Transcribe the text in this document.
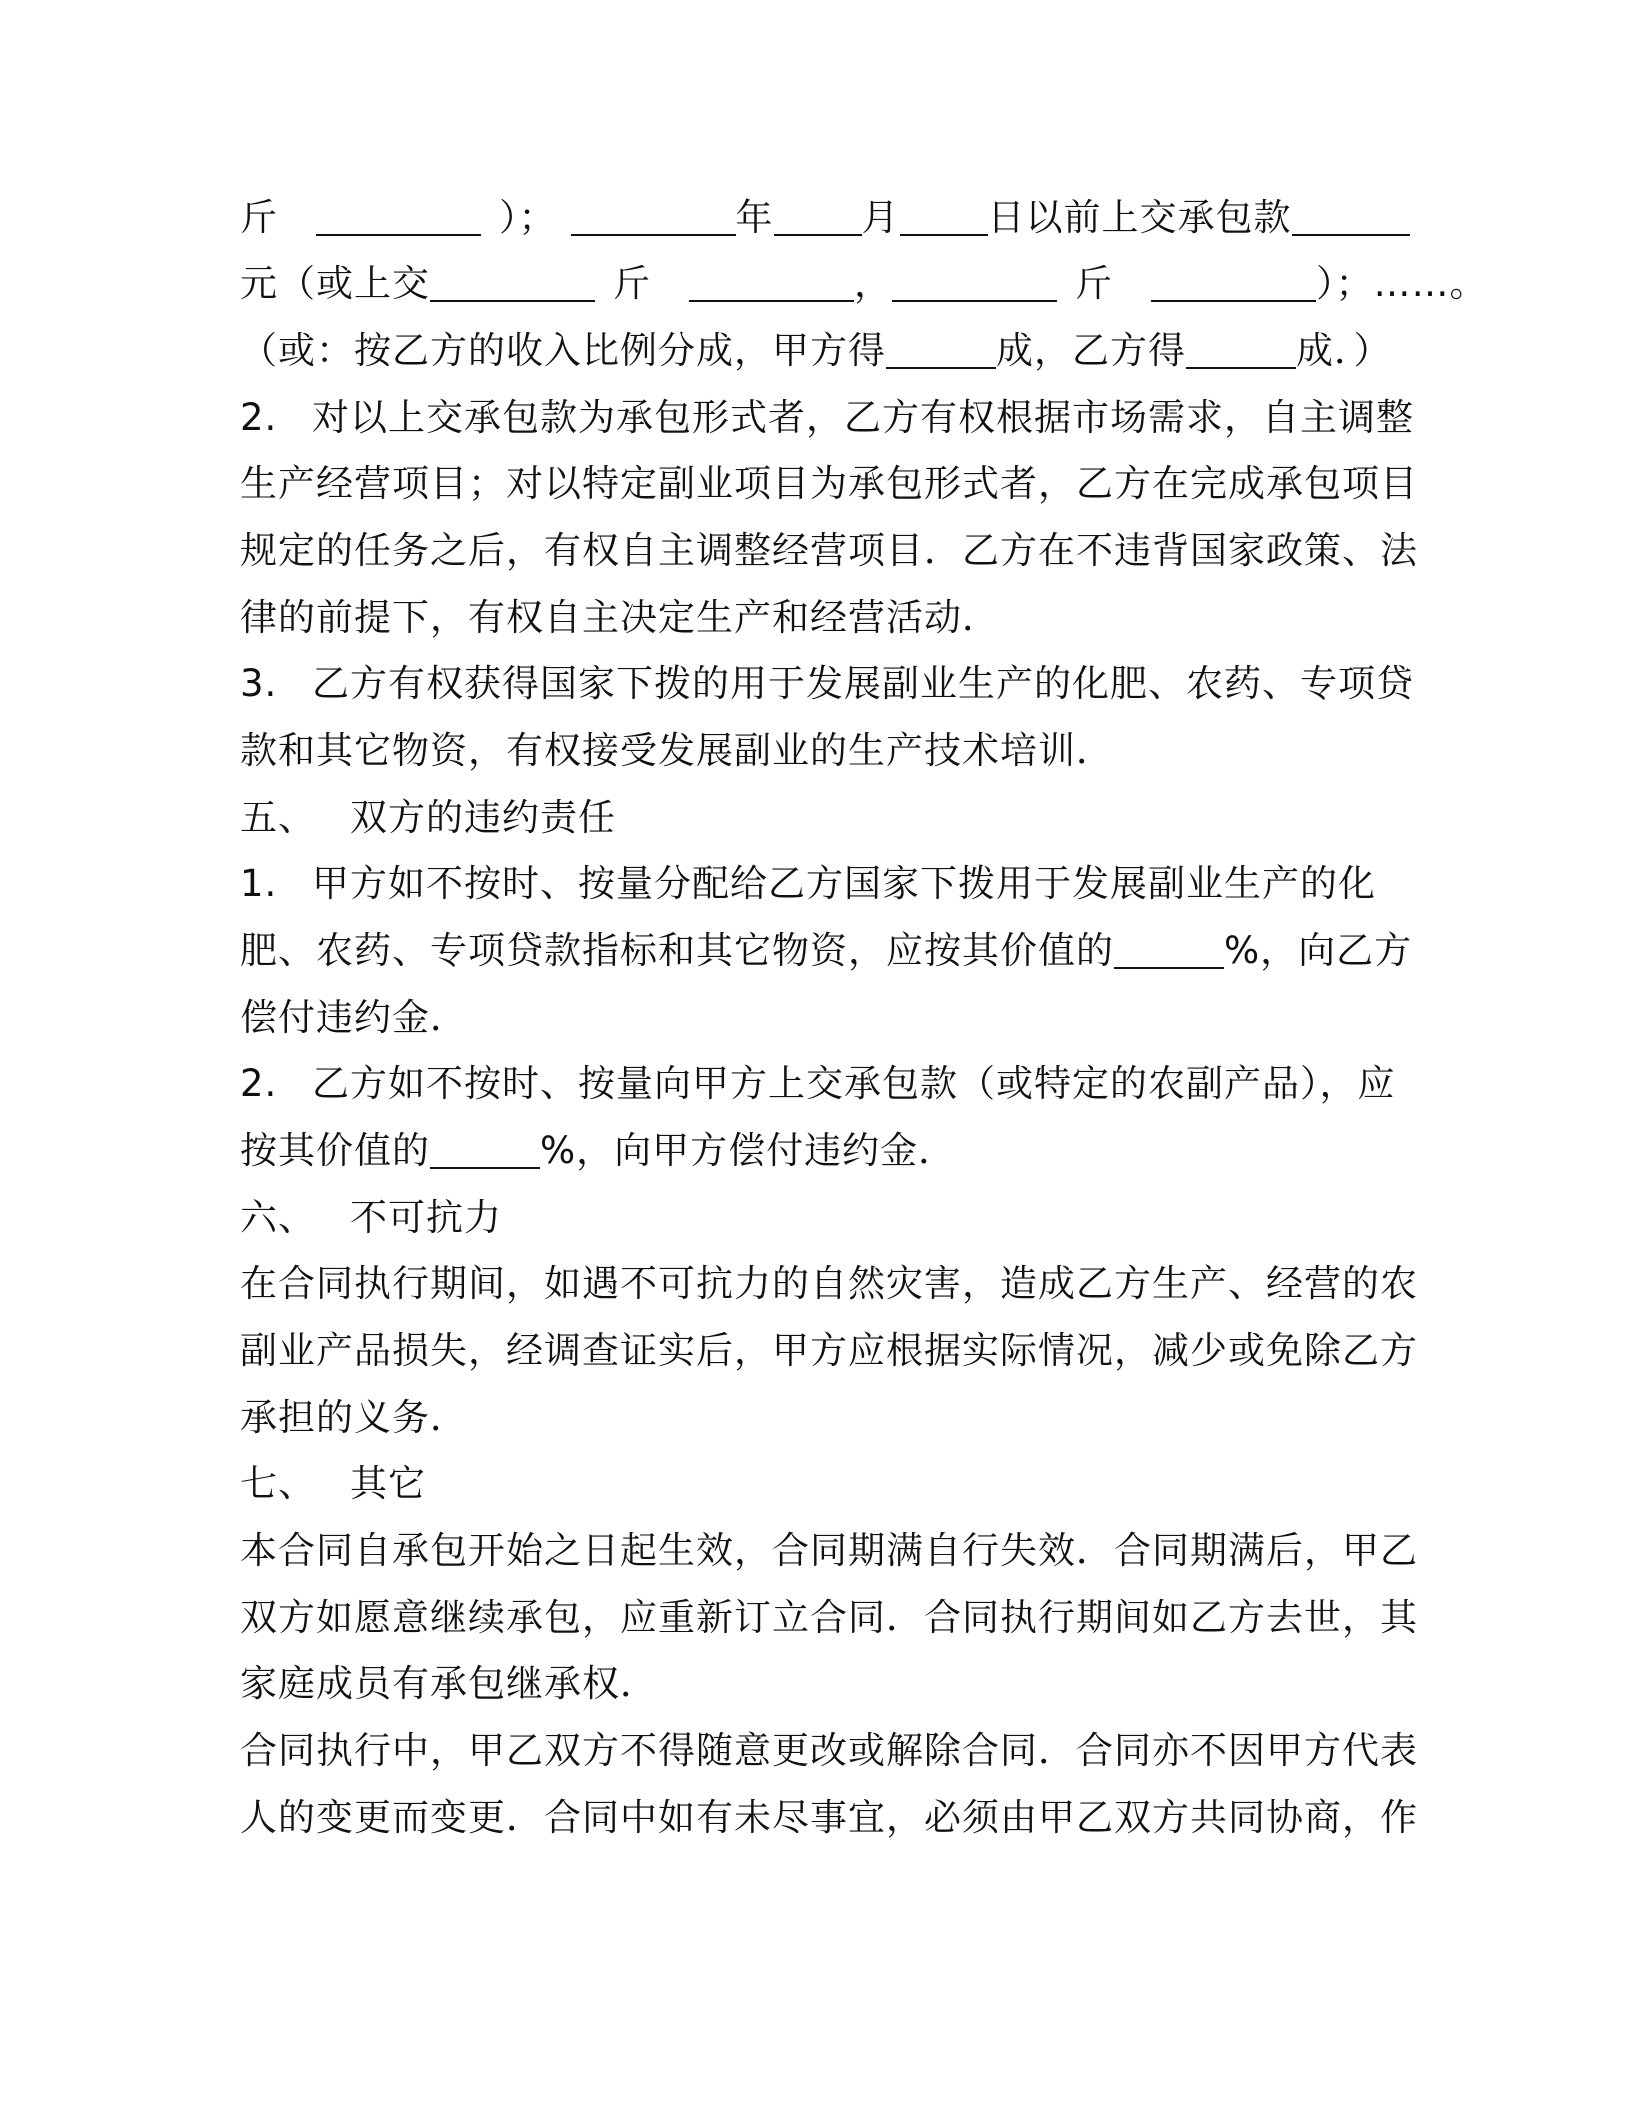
斤	）；	年 月 日以前上交承包款
元（或上交	斤	，	斤	）；……。
（或：按乙方的收入比例分成，甲方得	成，乙方得	成．）
2. 对以上交承包款为承包形式者，乙方有权根据市场需求，自主调整
生产经营项目；对以特定副业项目为承包形式者，乙方在完成承包项目
规定的任务之后，有权自主调整经营项目．乙方在不违背国家政策、法
律的前提下，有权自主决定生产和经营活动．
3. 乙方有权获得国家下拨的用于发展副业生产的化肥、农药、专项贷
款和其它物资，有权接受发展副业的生产技术培训．
五、 双方的违约责任
1. 甲方如不按时、按量分配给乙方国家下拨用于发展副业生产的化
肥、农药、专项贷款指标和其它物资，应按其价值的	%，向乙方
偿付违约金．
2. 乙方如不按时、按量向甲方上交承包款（或特定的农副产品），应
按其价值的	%，向甲方偿付违约金．
六、 不可抗力
在合同执行期间，如遇不可抗力的自然灾害，造成乙方生产、经营的农
副业产品损失，经调查证实后，甲方应根据实际情况，减少或免除乙方
承担的义务．
七、 其它
本合同自承包开始之日起生效，合同期满自行失效．合同期满后，甲乙
双方如愿意继续承包，应重新订立合同．合同执行期间如乙方去世，其
家庭成员有承包继承权．
合同执行中，甲乙双方不得随意更改或解除合同．合同亦不因甲方代表
人的变更而变更．合同中如有未尽事宜，必须由甲乙双方共同协商，作
